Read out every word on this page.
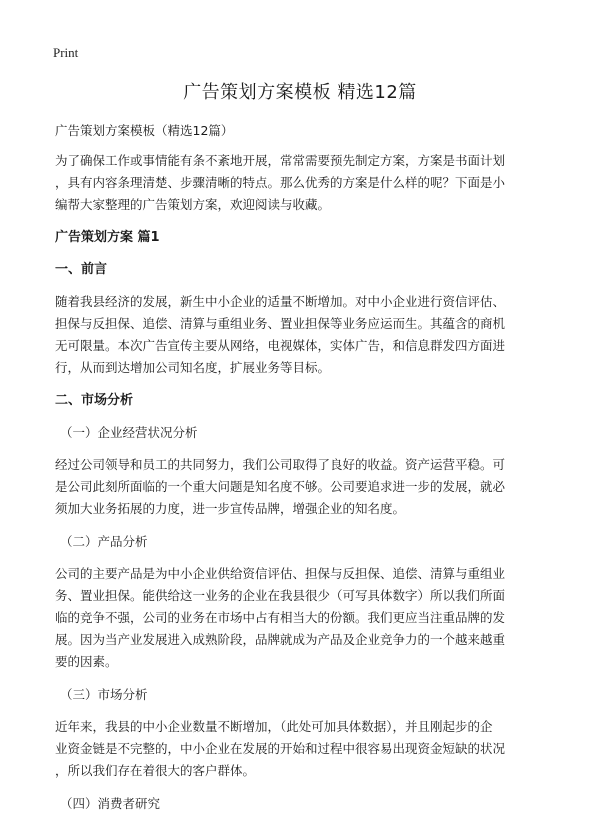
Print
广告策划方案模板 精选12篇
广告策划方案模板（精选12篇）
为了确保工作或事情能有条不紊地开展，常常需要预先制定方案，方案是书面计划
，具有内容条理清楚、步骤清晰的特点。那么优秀的方案是什么样的呢？下面是小
编帮大家整理的广告策划方案，欢迎阅读与收藏。
广告策划方案 篇1
一、前言
随着我县经济的发展，新生中小企业的适量不断增加。对中小企业进行资信评估、
担保与反担保、追偿、清算与重组业务、置业担保等业务应运而生。其蕴含的商机
无可限量。本次广告宣传主要从网络，电视媒体，实体广告，和信息群发四方面进
行，从而到达增加公司知名度，扩展业务等目标。
二、市场分析
（一）企业经营状况分析
经过公司领导和员工的共同努力，我们公司取得了良好的收益。资产运营平稳。可
是公司此刻所面临的一个重大问题是知名度不够。公司要追求进一步的发展，就必
须加大业务拓展的力度，进一步宣传品牌，增强企业的知名度。
（二）产品分析
公司的主要产品是为中小企业供给资信评估、担保与反担保、追偿、清算与重组业
务、置业担保。能供给这一业务的企业在我县很少（可写具体数字）所以我们所面
临的竞争不强，公司的业务在市场中占有相当大的份额。我们更应当注重品牌的发
展。因为当产业发展进入成熟阶段，品牌就成为产品及企业竞争力的一个越来越重
要的因素。
（三）市场分析
近年来，我县的中小企业数量不断增加，（此处可加具体数据），并且刚起步的企
业资金链是不完整的，中小企业在发展的开始和过程中很容易出现资金短缺的状况
，所以我们存在着很大的客户群体。
（四）消费者研究
